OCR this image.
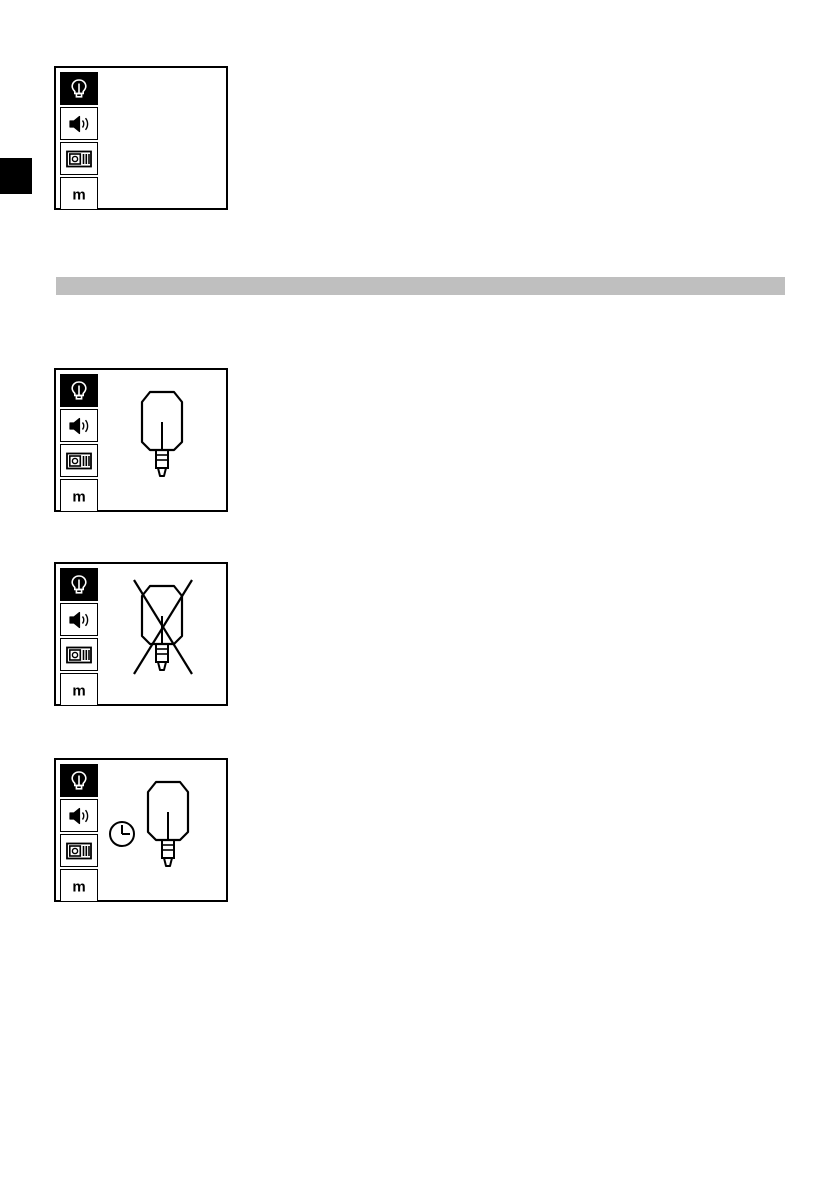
m
m
m
m
